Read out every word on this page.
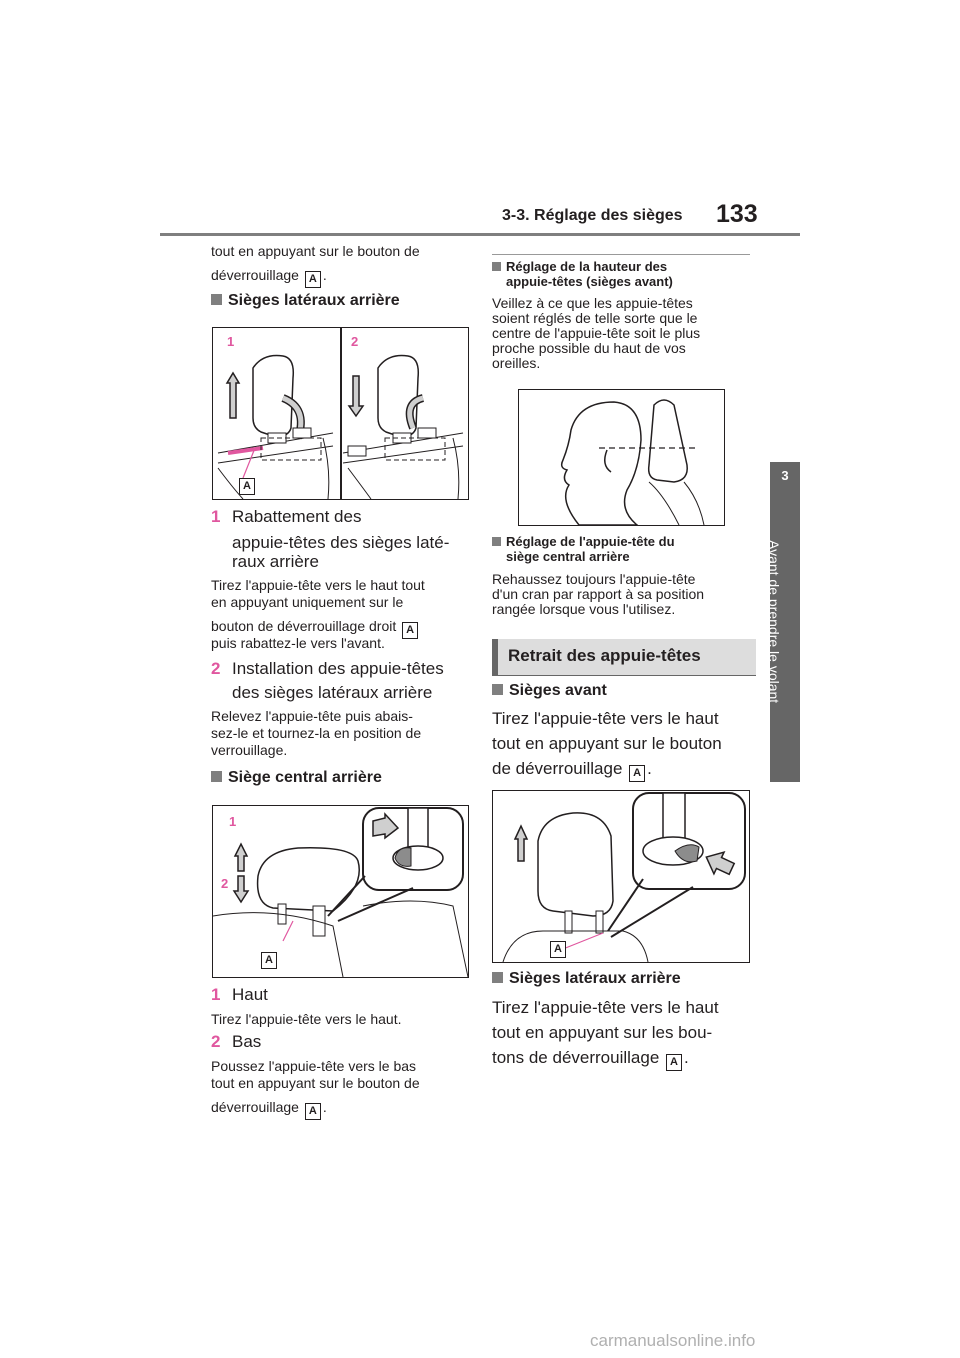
3-3. Réglage des sièges 133
3
Avant de prendre le volant
tout en appuyant sur le bouton de
déverrouillage A .
Sièges latéraux arrière
1	2
A
1 Rabattement des
appuie-têtes des sièges laté-
raux arrière
Tirez l'appuie-tête vers le haut tout
en appuyant uniquement sur le
bouton de déverrouillage droit A
puis rabattez-le vers l'avant.
2 Installation des appuie-têtes
des sièges latéraux arrière
Relevez l'appuie-tête puis abais-
sez-le et tournez-la en position de
verrouillage.
Siège central arrière
1
2
A
1 Haut
Tirez l'appuie-tête vers le haut.
2 Bas
Poussez l'appuie-tête vers le bas
tout en appuyant sur le bouton de
déverrouillage A .
Réglage de la hauteur des
appuie-têtes (sièges avant)
Veillez à ce que les appuie-têtes
soient réglés de telle sorte que le
centre de l'appuie-tête soit le plus
proche possible du haut de vos
oreilles.
Réglage de l'appuie-tête du
siège central arrière
Rehaussez toujours l'appuie-tête
d'un cran par rapport à sa position
rangée lorsque vous l'utilisez.
Retrait des appuie-têtes
Sièges avant
Tirez l'appuie-tête vers le haut
tout en appuyant sur le bouton
de déverrouillage A .
A
Sièges latéraux arrière
Tirez l'appuie-tête vers le haut
tout en appuyant sur les bou-
tons de déverrouillage A .
carmanualsonline.info
